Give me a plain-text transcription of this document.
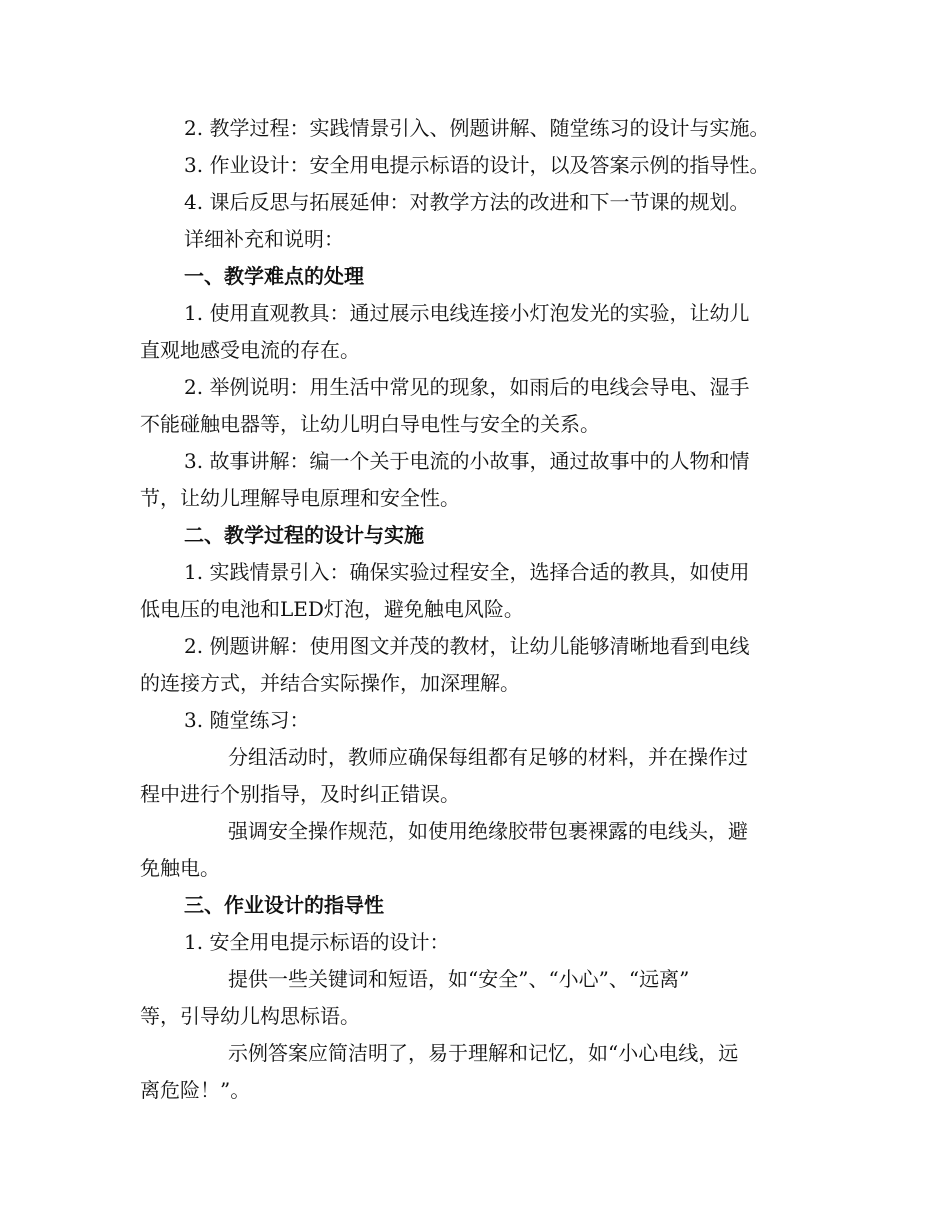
2. 教学过程：实践情景引入、例题讲解、随堂练习的设计与实施。
3. 作业设计：安全用电提示标语的设计，以及答案示例的指导性。
4. 课后反思与拓展延伸：对教学方法的改进和下一节课的规划。
详细补充和说明：
一、教学难点的处理
1. 使用直观教具：通过展示电线连接小灯泡发光的实验，让幼儿
直观地感受电流的存在。
2. 举例说明：用生活中常见的现象，如雨后的电线会导电、湿手
不能碰触电器等，让幼儿明白导电性与安全的关系。
3. 故事讲解：编一个关于电流的小故事，通过故事中的人物和情
节，让幼儿理解导电原理和安全性。
二、教学过程的设计与实施
1. 实践情景引入：确保实验过程安全，选择合适的教具，如使用
低电压的电池和LED灯泡，避免触电风险。
2. 例题讲解：使用图文并茂的教材，让幼儿能够清晰地看到电线
的连接方式，并结合实际操作，加深理解。
3. 随堂练习：
分组活动时，教师应确保每组都有足够的材料，并在操作过
程中进行个别指导，及时纠正错误。
强调安全操作规范，如使用绝缘胶带包裹裸露的电线头，避
免触电。
三、作业设计的指导性
1. 安全用电提示标语的设计：
提供一些关键词和短语，如“安全”、“小心”、“远离”
等，引导幼儿构思标语。
示例答案应简洁明了，易于理解和记忆，如“小心电线，远
离危险！”。
